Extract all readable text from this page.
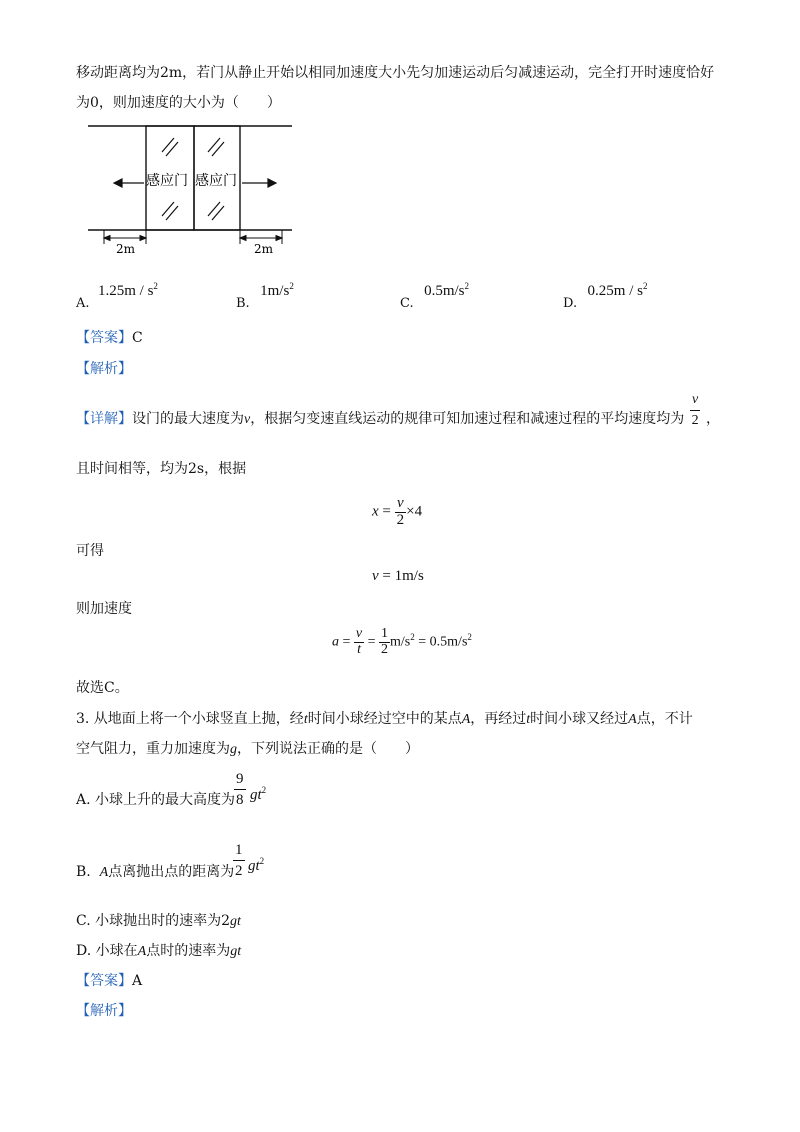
移动距离均为2m，若门从静止开始以相同加速度大小先匀加速运动后匀减速运动，完全打开时速度恰好
为0，则加速度的大小为（　　）
感应门 感应门
2m	2m
A. $1.25m / s^2$
B. $1m/s^2$
C. $0.5m/s^2$
D. $0.25m / s^2$
【答案】C
【解析】
【详解】设门的最大速度为v，根据匀变速直线运动的规律可知加速过程和减速过程的平均速度均为
v
2 ，
且时间相等，均为2s，根据
$x = \frac{v}{2} \times 4$
可得
v = 1m/s
则加速度
$a = \frac{v}{t} = \frac{1}{2} m/s^2 = 0.5m/s^2$
故选C。
3. 从地面上将一个小球竖直上抛，经t时间小球经过空中的某点A，再经过t时间小球又经过A点，不计
空气阻力，重力加速度为g，下列说法正确的是（　　）
A. 小球上升的最大高度为
9
8 $gt^2$
B. A点离抛出点的距离为
1
2 $gt^2$
C. 小球抛出时的速率为2gt
D. 小球在A点时的速率为gt
【答案】A
【解析】
